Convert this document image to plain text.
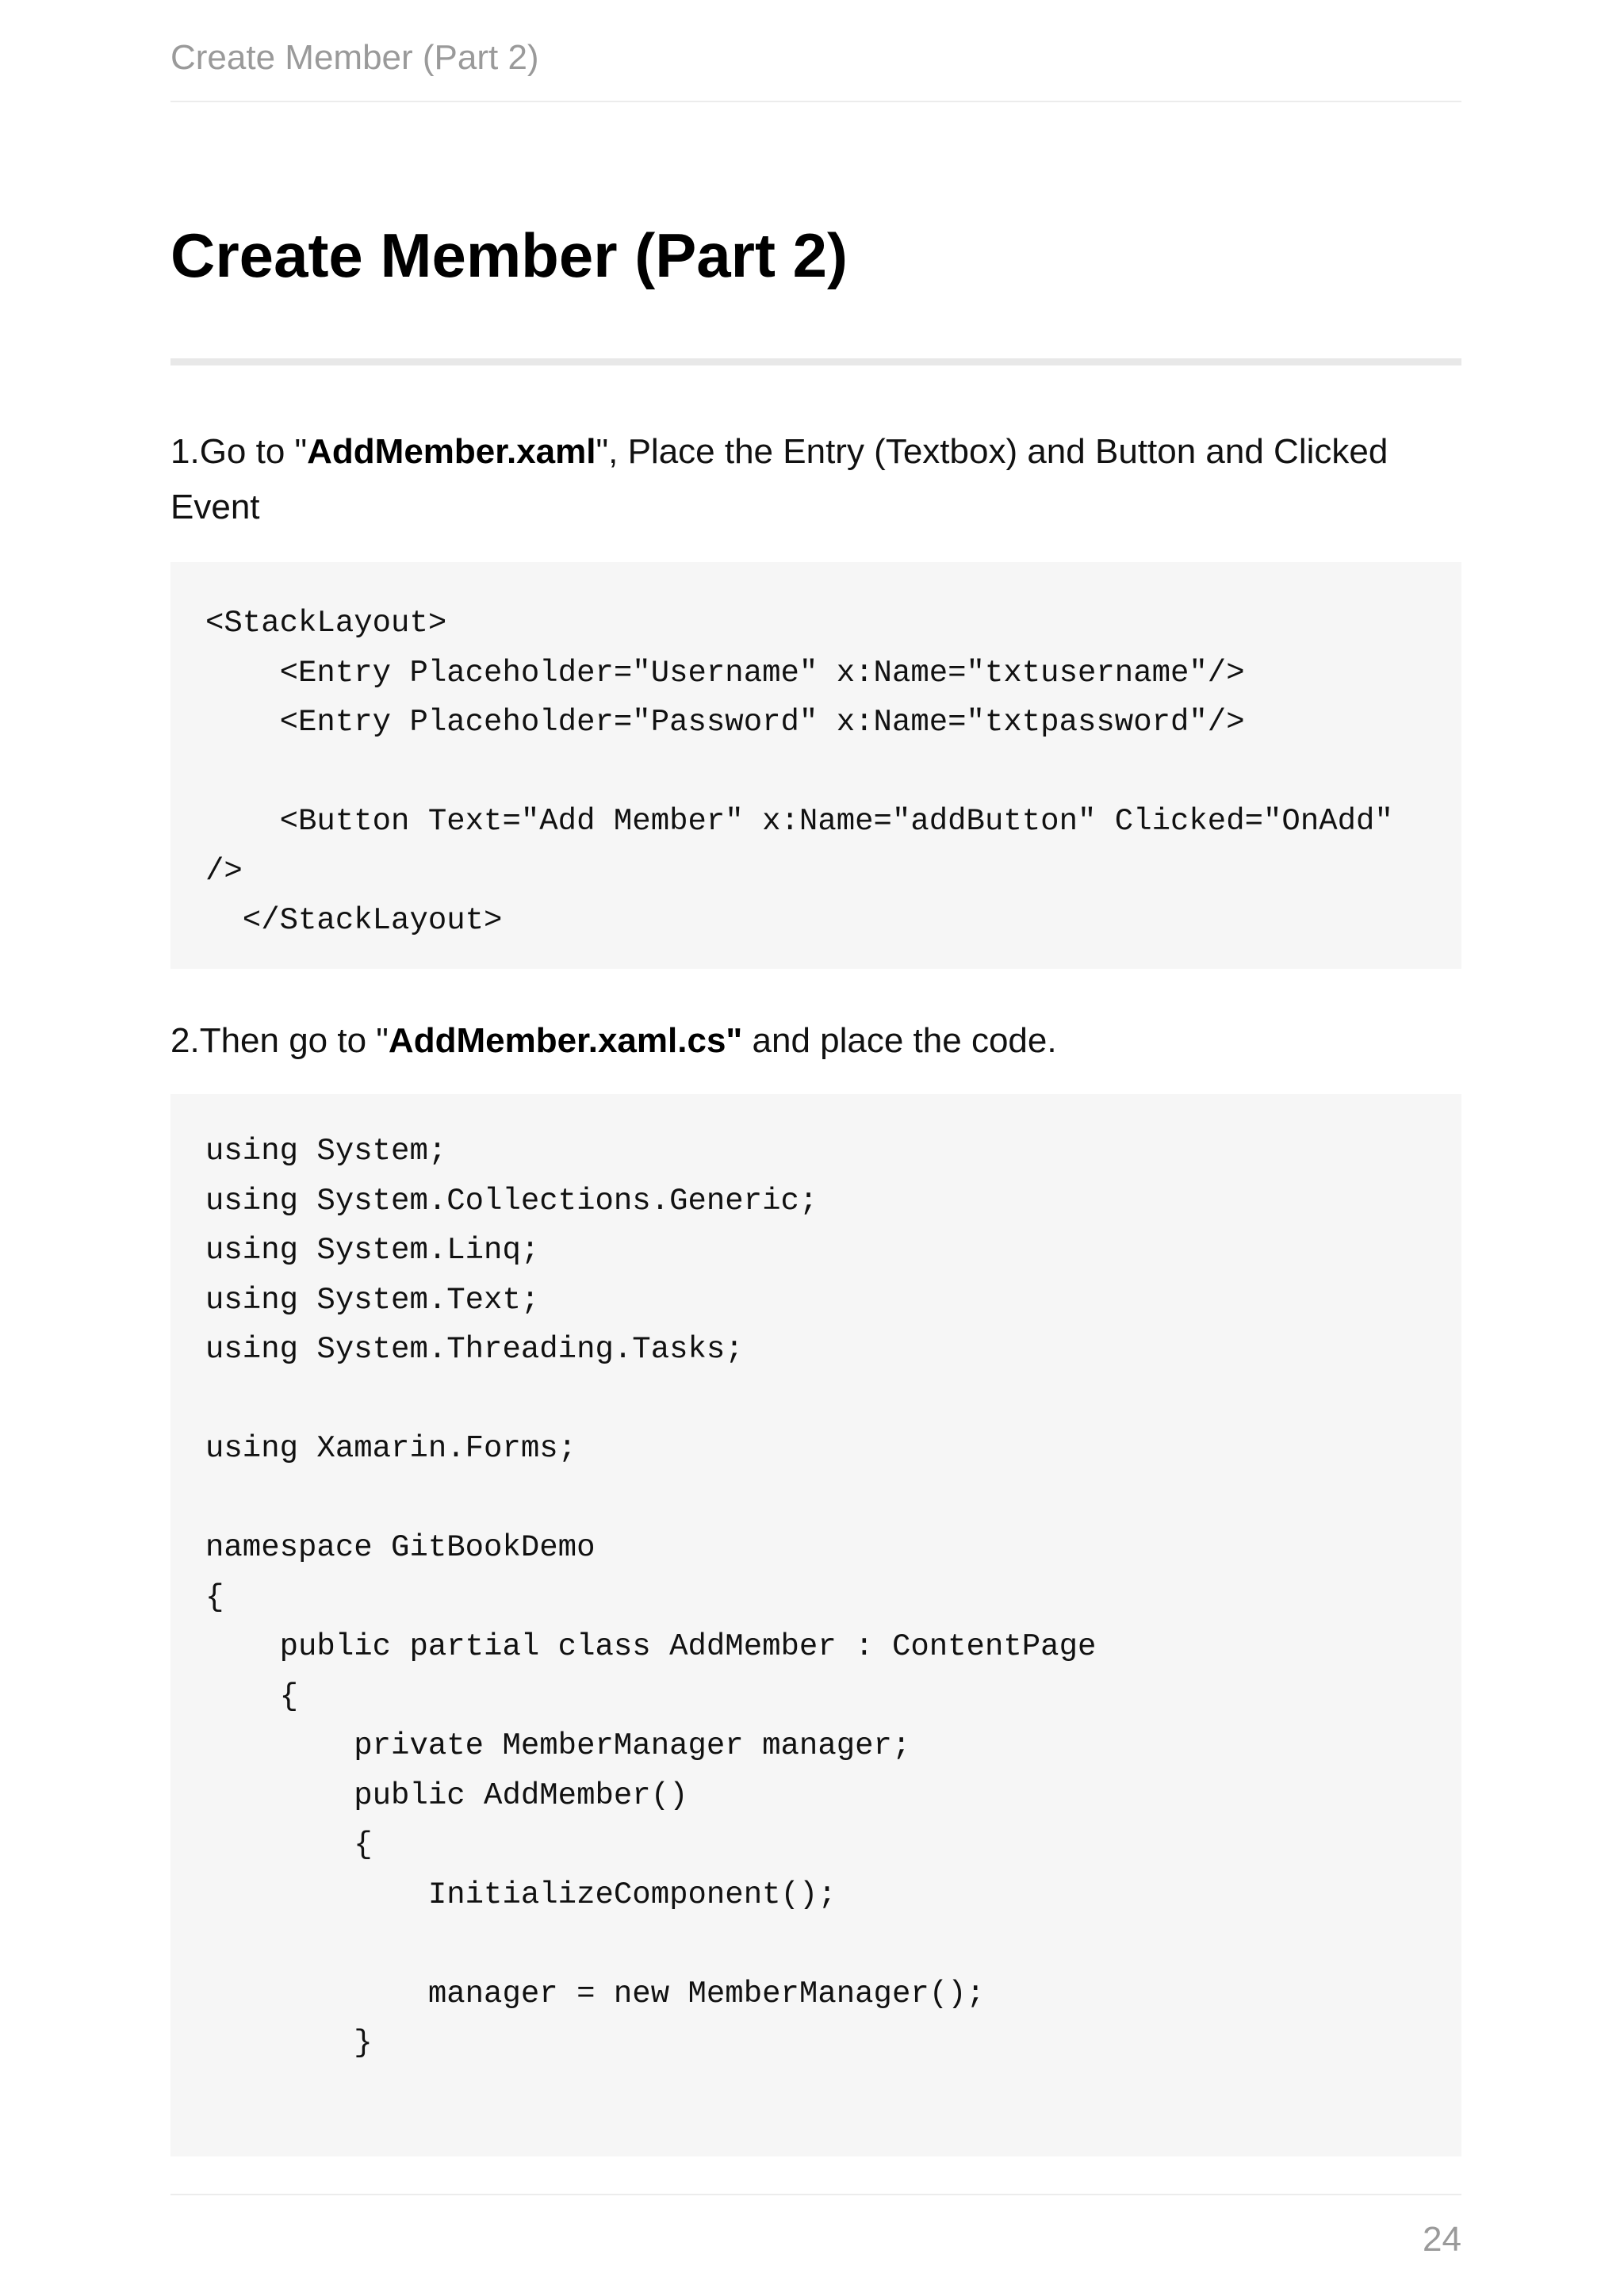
Create Member (Part 2)
Create Member (Part 2)

1.Go to "AddMember.xaml", Place the Entry (Textbox) and Button and Clicked Event

<StackLayout>
<Entry Placeholder="Username" x:Name="txtusername"/>
<Entry Placeholder="Password" x:Name="txtpassword"/>

<Button Text="Add Member" x:Name="addButton" Clicked="OnAdd"
/>
</StackLayout>

2.Then go to "AddMember.xaml.cs" and place the code.

using System;
using System.Collections.Generic;
using System.Linq;
using System.Text;
using System.Threading.Tasks;

using Xamarin.Forms;

namespace GitBookDemo
{
public partial class AddMember : ContentPage
{
private MemberManager manager;
public AddMember()
{
InitializeComponent();

manager = new MemberManager();
}
24
